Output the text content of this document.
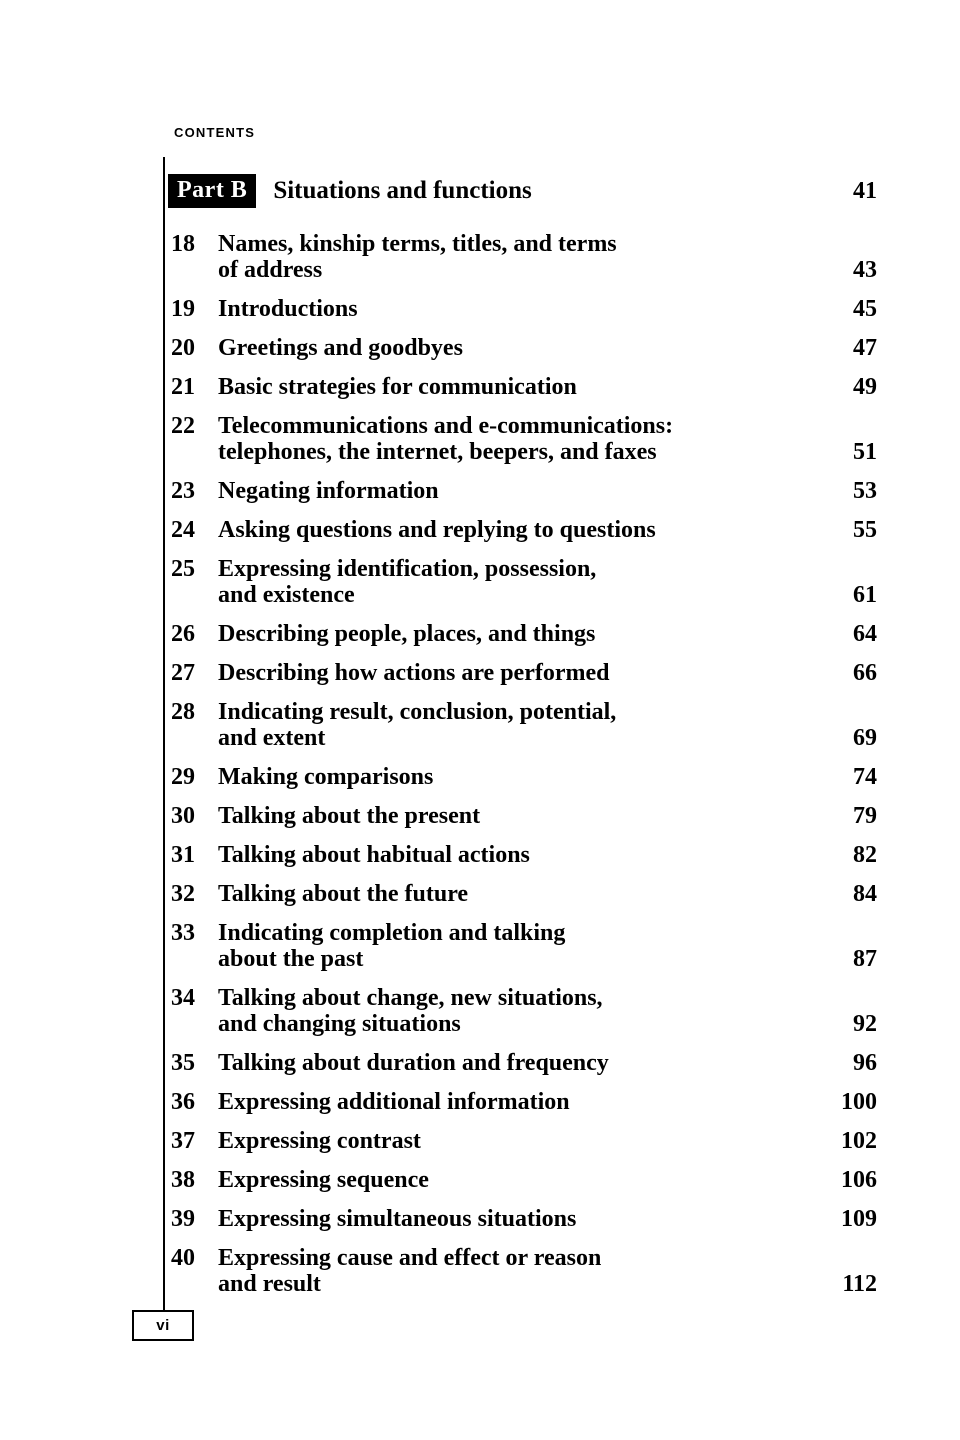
CONTENTS
Part B	Situations and functions	41
18 Names, kinship terms, titles, and terms
of address	43
19 Introductions	45
20 Greetings and goodbyes	47
21 Basic strategies for communication	49
22 Telecommunications and e-communications:
telephones, the internet, beepers, and faxes	51
23 Negating information	53
24 Asking questions and replying to questions	55
25 Expressing identification, possession,
and existence	61
26 Describing people, places, and things	64
27 Describing how actions are performed	66
28 Indicating result, conclusion, potential,
and extent	69
29 Making comparisons	74
30 Talking about the present	79
31 Talking about habitual actions	82
32 Talking about the future	84
33 Indicating completion and talking
about the past	87
34 Talking about change, new situations,
and changing situations	92
35 Talking about duration and frequency	96
36 Expressing additional information	100
37 Expressing contrast	102
38 Expressing sequence	106
39 Expressing simultaneous situations	109
40 Expressing cause and effect or reason
and result	112
vi
